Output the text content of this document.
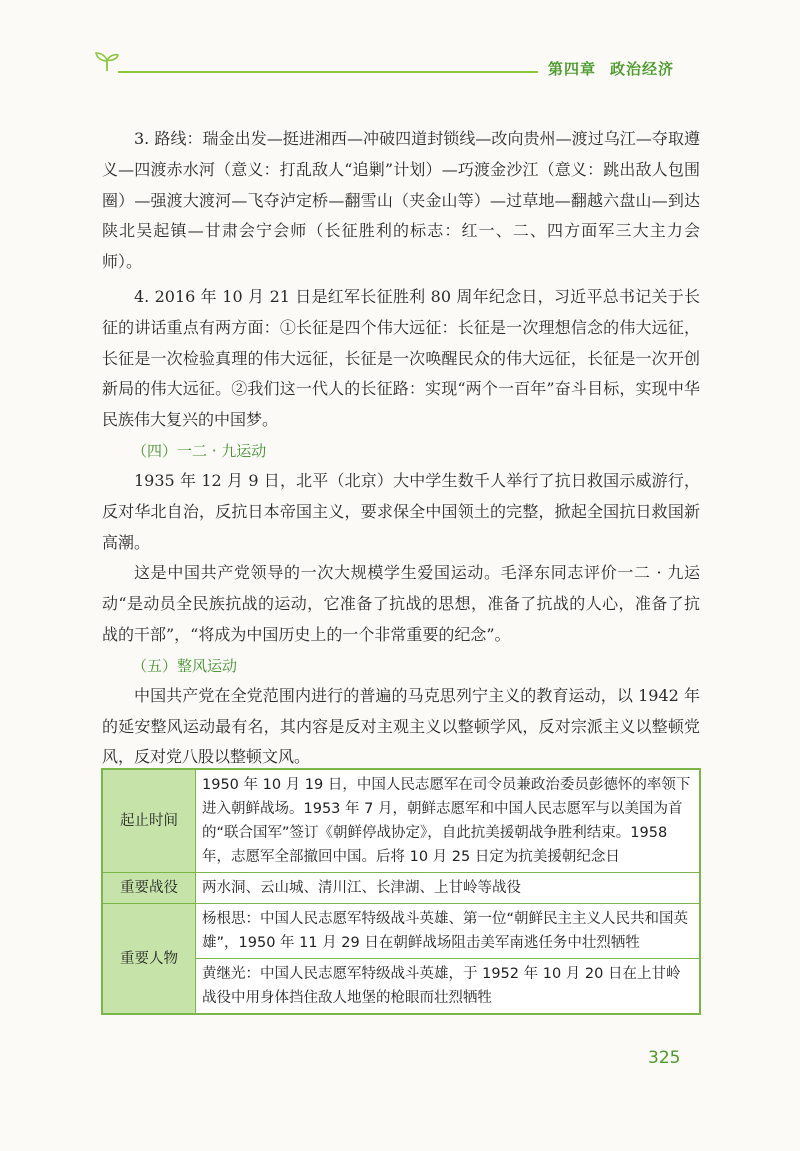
第四章 政治经济

3. 路线：瑞金出发—挺进湘西—冲破四道封锁线—改向贵州—渡过乌江—夺取遵义—四渡赤水河（意义：打乱敌人“追剿”计划）—巧渡金沙江（意义：跳出敌人包围圈）—强渡大渡河—飞夺泸定桥—翻雪山（夹金山等）—过草地—翻越六盘山—到达陕北吴起镇—甘肃会宁会师（长征胜利的标志：红一、二、四方面军三大主力会师）。

4. 2016 年 10 月 21 日是红军长征胜利 80 周年纪念日，习近平总书记关于长征的讲话重点有两方面：①长征是四个伟大远征：长征是一次理想信念的伟大远征，长征是一次检验真理的伟大远征，长征是一次唤醒民众的伟大远征，长征是一次开创新局的伟大远征。②我们这一代人的长征路：实现“两个一百年”奋斗目标，实现中华民族伟大复兴的中国梦。

（四）一二 · 九运动

1935 年 12 月 9 日，北平（北京）大中学生数千人举行了抗日救国示威游行，反对华北自治，反抗日本帝国主义，要求保全中国领土的完整，掀起全国抗日救国新高潮。

这是中国共产党领导的一次大规模学生爱国运动。毛泽东同志评价一二 · 九运动“是动员全民族抗战的运动，它准备了抗战的思想，准备了抗战的人心，准备了抗战的干部”，“将成为中国历史上的一个非常重要的纪念”。

（五）整风运动

中国共产党在全党范围内进行的普遍的马克思列宁主义的教育运动，以 1942 年的延安整风运动最有名，其内容是反对主观主义以整顿学风，反对宗派主义以整顿党风，反对党八股以整顿文风。

起止时间	1950 年 10 月 19 日，中国人民志愿军在司令员兼政治委员彭德怀的率领下进入朝鲜战场。1953 年 7 月，朝鲜志愿军和中国人民志愿军与以美国为首的“联合国军”签订《朝鲜停战协定》，自此抗美援朝战争胜利结束。1958 年，志愿军全部撤回中国。后将 10 月 25 日定为抗美援朝纪念日
重要战役	两水洞、云山城、清川江、长津湖、上甘岭等战役
重要人物	杨根思：中国人民志愿军特级战斗英雄、第一位“朝鲜民主主义人民共和国英雄”，1950 年 11 月 29 日在朝鲜战场阻击美军南逃任务中壮烈牺牲
	黄继光：中国人民志愿军特级战斗英雄，于 1952 年 10 月 20 日在上甘岭战役中用身体挡住敌人地堡的枪眼而壮烈牺牲
325
